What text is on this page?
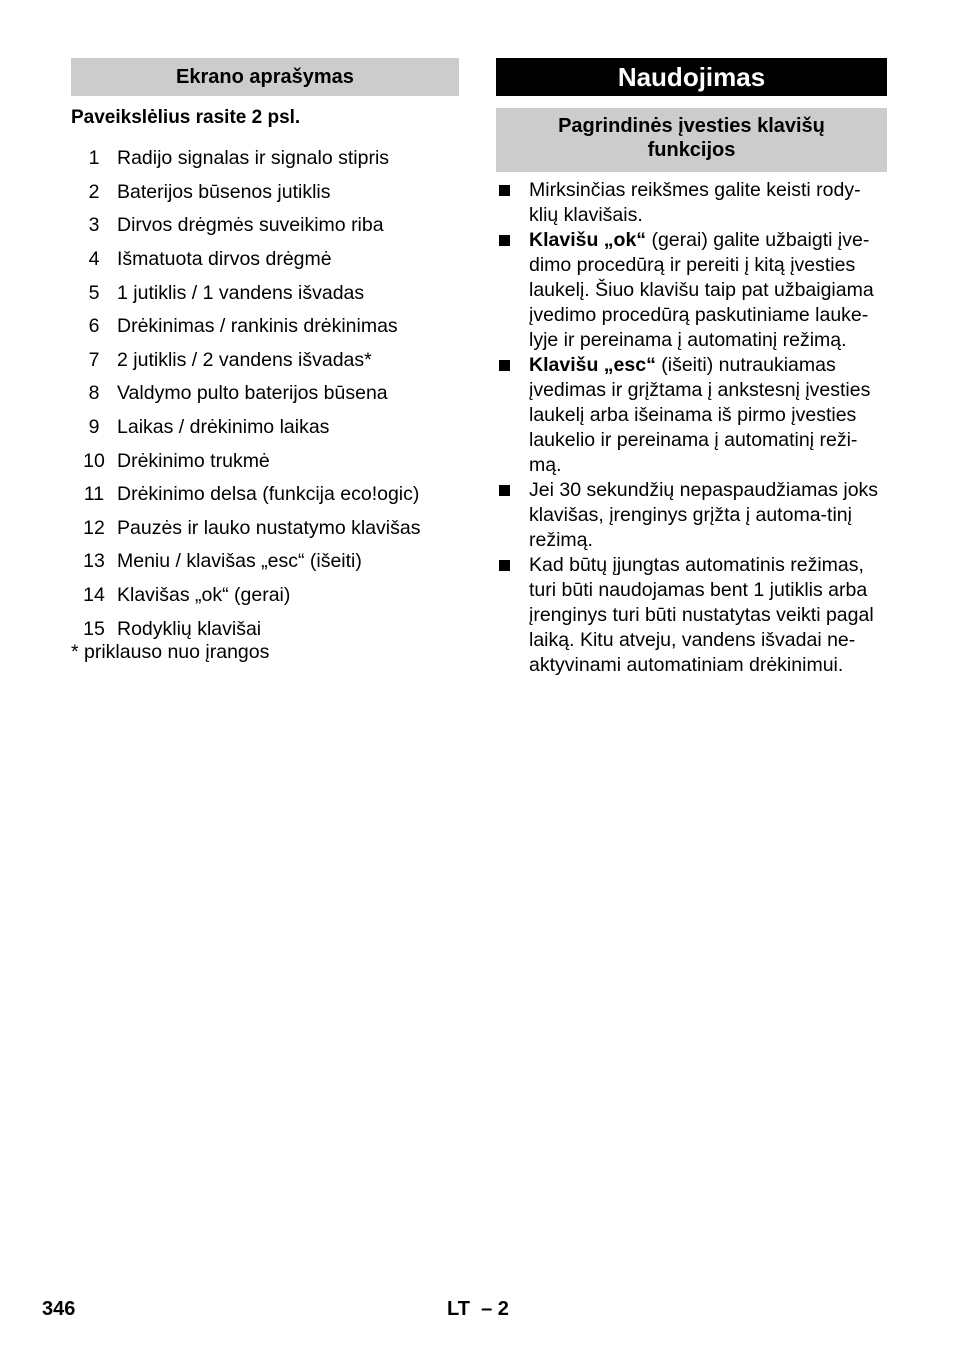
Ekrano aprašymas
Paveikslėlius rasite 2 psl.
1 Radijo signalas ir signalo stipris
2 Baterijos būsenos jutiklis
3 Dirvos drėgmės suveikimo riba
4 Išmatuota dirvos drėgmė
5 1 jutiklis / 1 vandens išvadas
6 Drėkinimas / rankinis drėkinimas
7 2 jutiklis / 2 vandens išvadas*
8 Valdymo pulto baterijos būsena
9 Laikas / drėkinimo laikas
10 Drėkinimo trukmė
11 Drėkinimo delsa (funkcija eco!ogic)
12 Pauzės ir lauko nustatymo klavišas
13 Meniu / klavišas „esc“ (išeiti)
14 Klavišas „ok“ (gerai)
15 Rodyklių klavišai
* priklauso nuo įrangos
Naudojimas
Pagrindinės įvesties klavišų
funkcijos
Mirksinčias reikšmes galite keisti rody-klių klavišais.
Klavišu „ok“ (gerai) galite užbaigti įve-dimo procedūrą ir pereiti į kitą įvesties laukelį. Šiuo klavišu taip pat užbaigiama įvedimo procedūrą paskutiniame lauke-lyje ir pereinama į automatinį režimą.
Klavišu „esc“ (išeiti) nutraukiamas įvedimas ir grįžtama į ankstesnį įvesties laukelį arba išeinama iš pirmo įvesties laukelio ir pereinama į automatinį reži-mą.
Jei 30 sekundžių nepaspaudžiamas joks klavišas, įrenginys grįžta į automa-tinį režimą.
Kad būtų įjungtas automatinis režimas, turi būti naudojamas bent 1 jutiklis arba įrenginys turi būti nustatytas veikti pagal laiką. Kitu atveju, vandens išvadai ne-aktyvinami automatiniam drėkinimui.
346	LT  – 2
